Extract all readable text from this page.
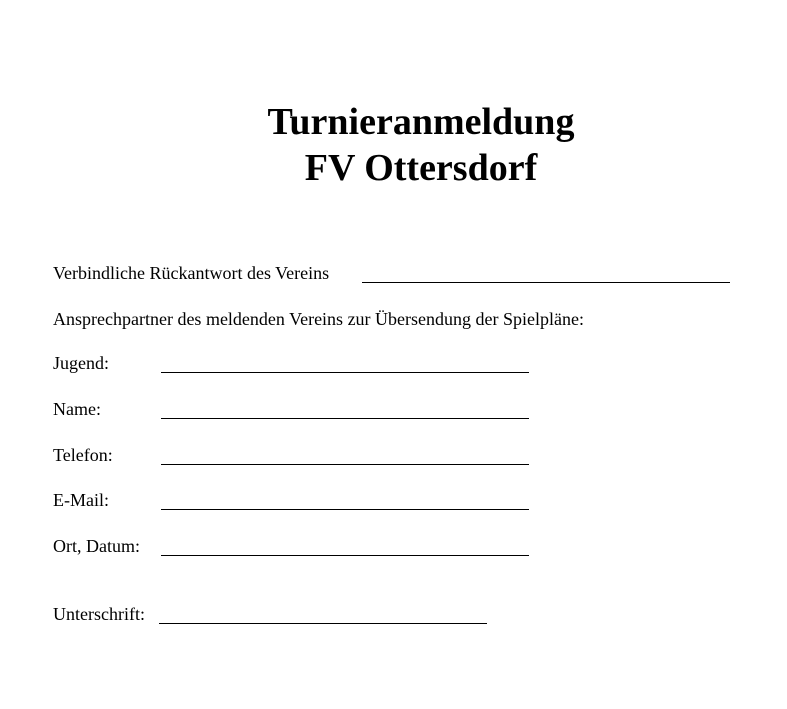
Turnieranmeldung
FV Ottersdorf
Verbindliche Rückantwort des Vereins
Ansprechpartner des meldenden Vereins zur Übersendung der Spielpläne:
Jugend:
Name:
Telefon:
E-Mail:
Ort, Datum:
Unterschrift:
